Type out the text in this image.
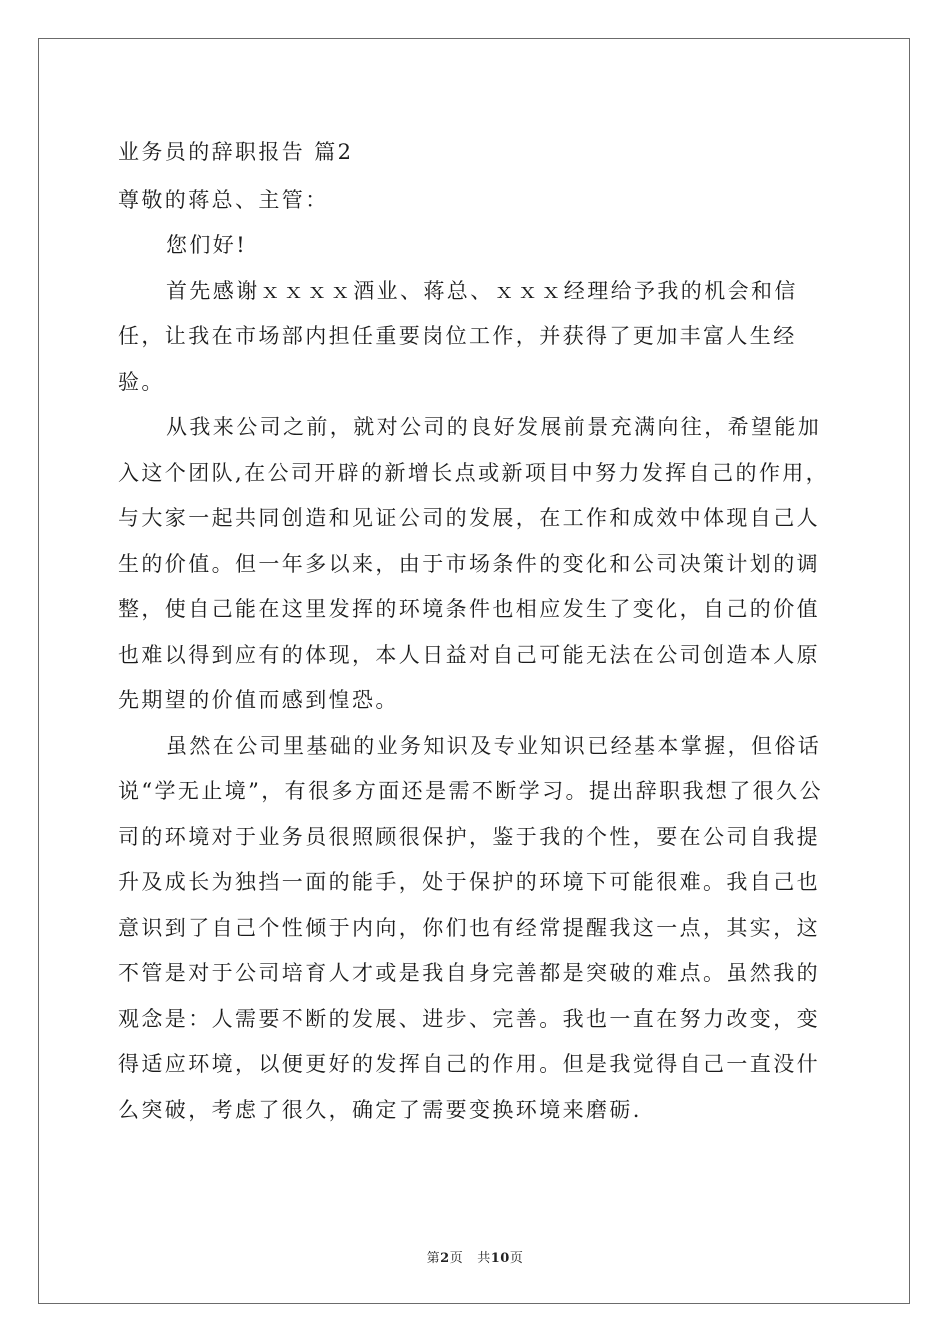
业务员的辞职报告 篇2

尊敬的蒋总、主管：

您们好!

首先感谢ｘｘｘｘ酒业、蒋总、ｘｘｘ经理给予我的机会和信任，让我在市场部内担任重要岗位工作，并获得了更加丰富人生经验。

从我来公司之前，就对公司的良好发展前景充满向往，希望能加入这个团队,在公司开辟的新增长点或新项目中努力发挥自己的作用，与大家一起共同创造和见证公司的发展，在工作和成效中体现自己人生的价值。但一年多以来，由于市场条件的变化和公司决策计划的调整，使自己能在这里发挥的环境条件也相应发生了变化，自己的价值也难以得到应有的体现，本人日益对自己可能无法在公司创造本人原先期望的价值而感到惶恐。

虽然在公司里基础的业务知识及专业知识已经基本掌握，但俗话说“学无止境”，有很多方面还是需不断学习。提出辞职我想了很久公司的环境对于业务员很照顾很保护，鉴于我的个性，要在公司自我提升及成长为独挡一面的能手，处于保护的环境下可能很难。我自己也意识到了自己个性倾于内向，你们也有经常提醒我这一点，其实，这不管是对于公司培育人才或是我自身完善都是突破的难点。虽然我的观念是：人需要不断的发展、进步、完善。我也一直在努力改变，变得适应环境，以便更好的发挥自己的作用。但是我觉得自己一直没什么突破，考虑了很久，确定了需要变换环境来磨砺.

第2页 共10页
